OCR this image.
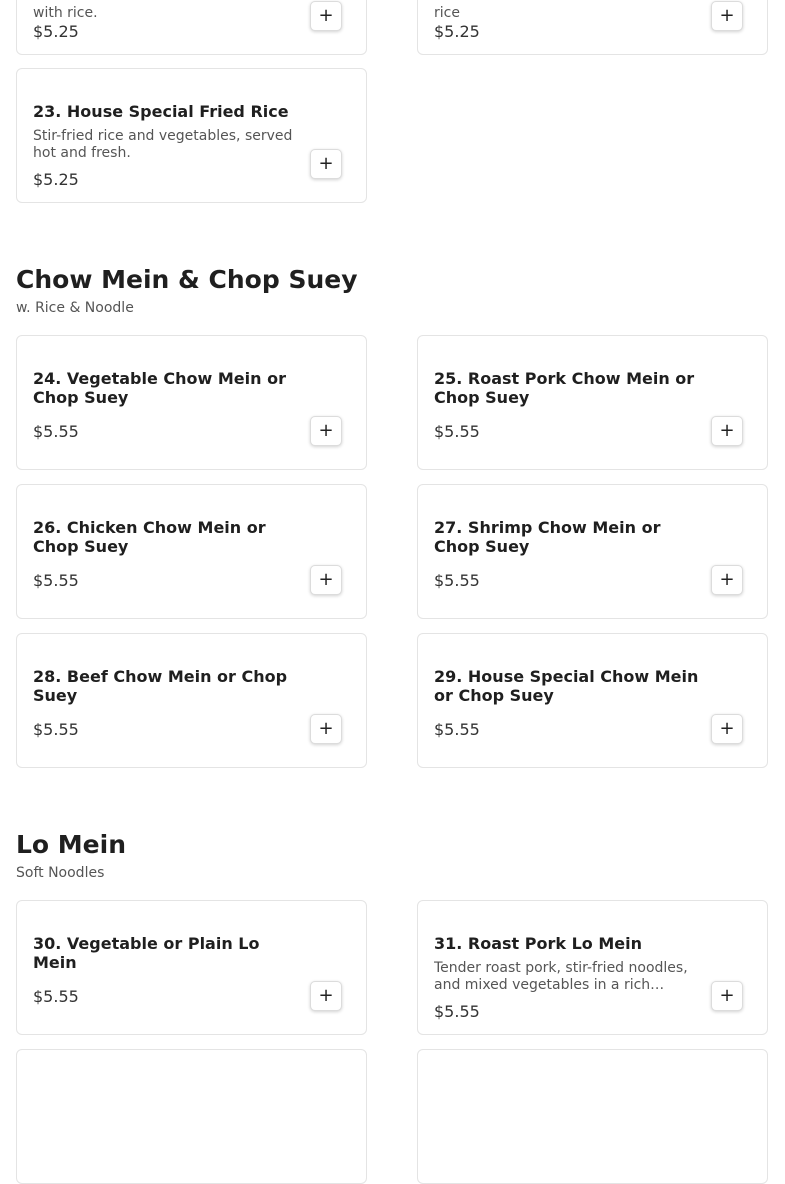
with rice.
$5.25
+	rice
$5.25
+
23. House Special Fried Rice
Stir-fried rice and vegetables, served hot and fresh.
$5.25
+
Chow Mein & Chop Suey
w. Rice & Noodle
24. Vegetable Chow Mein or Chop Suey
$5.55	+
25. Roast Pork Chow Mein or Chop Suey
$5.55	+
26. Chicken Chow Mein or Chop Suey
$5.55	+
27. Shrimp Chow Mein or Chop Suey
$5.55	+
28. Beef Chow Mein or Chop Suey
$5.55	+
29. House Special Chow Mein or Chop Suey
$5.55	+
Lo Mein
Soft Noodles
30. Vegetable or Plain Lo Mein
$5.55	+
31. Roast Pork Lo Mein
Tender roast pork, stir-fried noodles, and mixed vegetables in a rich…
$5.55
+
